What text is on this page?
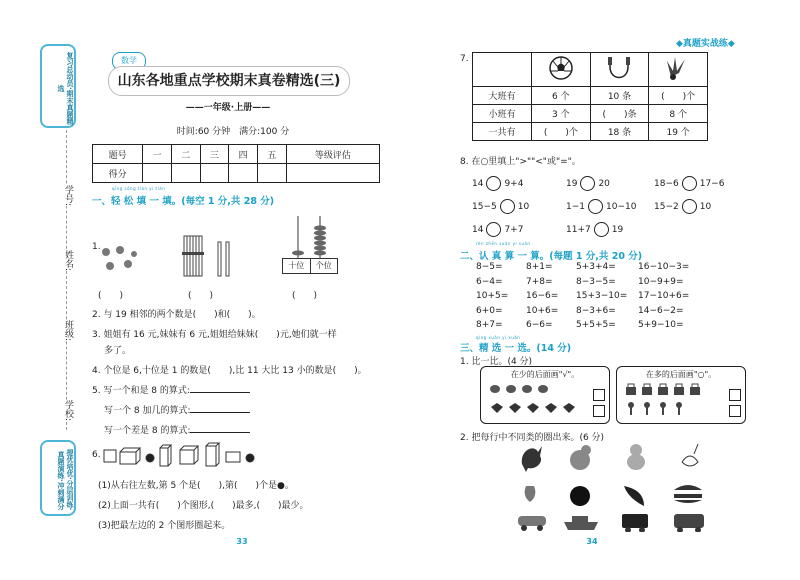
复习总动员·期末真题精选
提优培优·分层训练·真题演练·冲刺满分
学号:
姓名:
班级:
学校:
数学
山东各地重点学校期末真卷精选(三)
——一年级·上册——
时间:60 分钟　满分:100 分
题号	一	二	三	四	五	等级评估
得分						
qīng sōng tián yi tián
一、轻 松 填 一 填。(每空 1 分,共 28 分)
1.
十位	个位
(　　)	(　　)	(　　)
2. 与 19 相邻的两个数是(　　)和(　　)。
3. 姐姐有 16 元,妹妹有 6 元,姐姐给妹妹(　　)元,她们就一样
多了。
4. 个位是 6,十位是 1 的数是(　　),比 11 大比 13 小的数是(　　)。
5. 写一个和是 8 的算式:
写一个 8 加几的算式:
写一个差是 8 的算式:
6.
(1)从右往左数,第 5 个是(　　),第(　　)个是●。
(2)上面一共有(　　)个图形,(　　)最多,(　　)最少。
(3)把最左边的 2 个图形圈起来。
33
◆真题实战练◆
7.

大班有	6 个	10 条	(　　)个
小班有	3 个	(　　)条	8 个
一共有	(　　)个	18 条	19 个
8. 在○里填上">""<"或"="。
14 9+4	19 20	18−6 17−6
15−5 10	1−1 10−10 15−2 10
14 7+7	11+7 19
rèn zhēn suàn yi suàn
二、认 真 算 一 算。(每题 1 分,共 20 分)
8−5=	8+1=	5+3+4= 16−10−3=
6−4=	7+8=	8−3−5= 10−9+9=
10+5= 16−6= 15+3−10= 17−10+6=
6+0=	10+6= 8−3+6= 14−6−2=
8+7=	6−6=	5+5+5= 5+9−10=
qíng xuǎn yi xuǎn
三、精 选 一 选。(14 分)
1. 比一比。(4 分)
在少的后面画"√"。	在多的后面画"○"。
2. 把每行中不同类的圈出来。(6 分)
34
